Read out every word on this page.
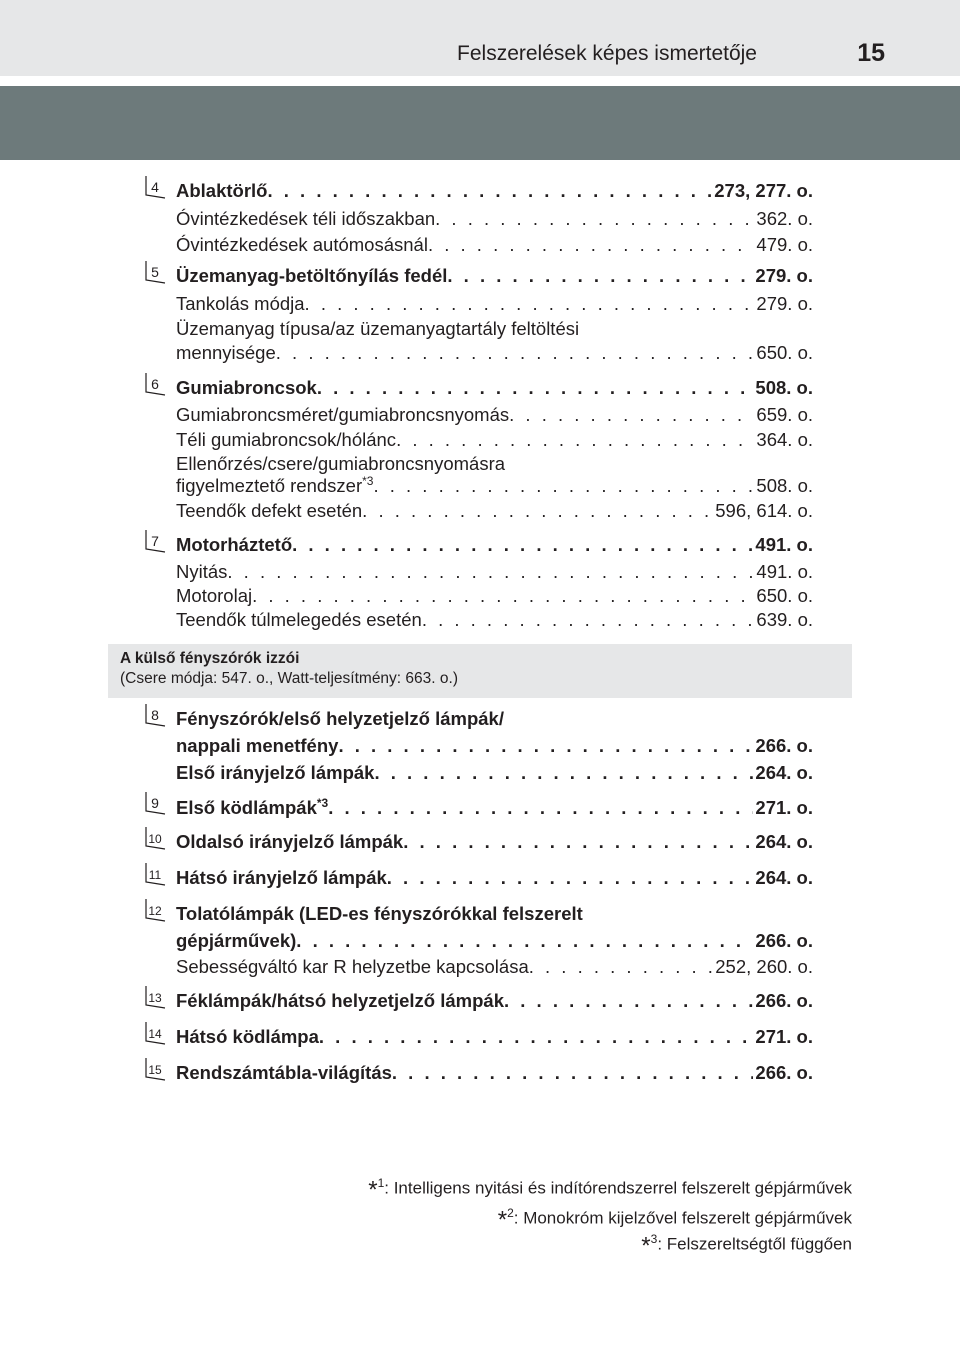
Felszerelések képes ismertetője	15
4 Ablaktörlő . . .	273, 277. o.
Óvintézkedések téli időszakban . . .	362. o.
Óvintézkedések autómosásnál . . .	479. o.
5 Üzemanyag-betöltőnyílás fedél . . .	279. o.
Tankolás módja . . .	279. o.
Üzemanyag típusa/az üzemanyagtartály feltöltési
mennyisége . . .	650. o.
6 Gumiabroncsok . . .	508. o.
Gumiabroncsméret/gumiabroncsnyomás . . .	659. o.
Téli gumiabroncsok/hólánc . . .	364. o.
Ellenőrzés/csere/gumiabroncsnyomásra
figyelmeztető rendszer$^{*3}$ . . .	508. o.
Teendők defekt esetén . . .	596, 614. o.
7 Motorháztető . . .	491. o.
Nyitás . . .	491. o.
Motorolaj . . .	650. o.
Teendők túlmelegedés esetén . . .	639. o.
A külső fényszórók izzói
(Csere módja: 547. o., Watt-teljesítmény: 663. o.)
8 Fényszórók/első helyzetjelző lámpák/
nappali menetfény . . .	266. o.
Első irányjelző lámpák . . .	264. o.
9 Első ködlámpák$^{*3}$ . . .	271. o.
10 Oldalsó irányjelző lámpák . . .	264. o.
11 Hátsó irányjelző lámpák . . .	264. o.
12 Tolatólámpák (LED-es fényszórókkal felszerelt
gépjárművek) . . .	266. o.
Sebességváltó kar R helyzetbe kapcsolása . . .	252, 260. o.
13 Féklámpák/hátsó helyzetjelző lámpák . . .	266. o.
14 Hátsó ködlámpa . . .	271. o.
15 Rendszámtábla-világítás . . .	266. o.
*$^1$: Intelligens nyitási és indítórendszerrel felszerelt gépjárművek
*$^2$: Monokróm kijelzővel felszerelt gépjárművek
*$^3$: Felszereltségtől függően
